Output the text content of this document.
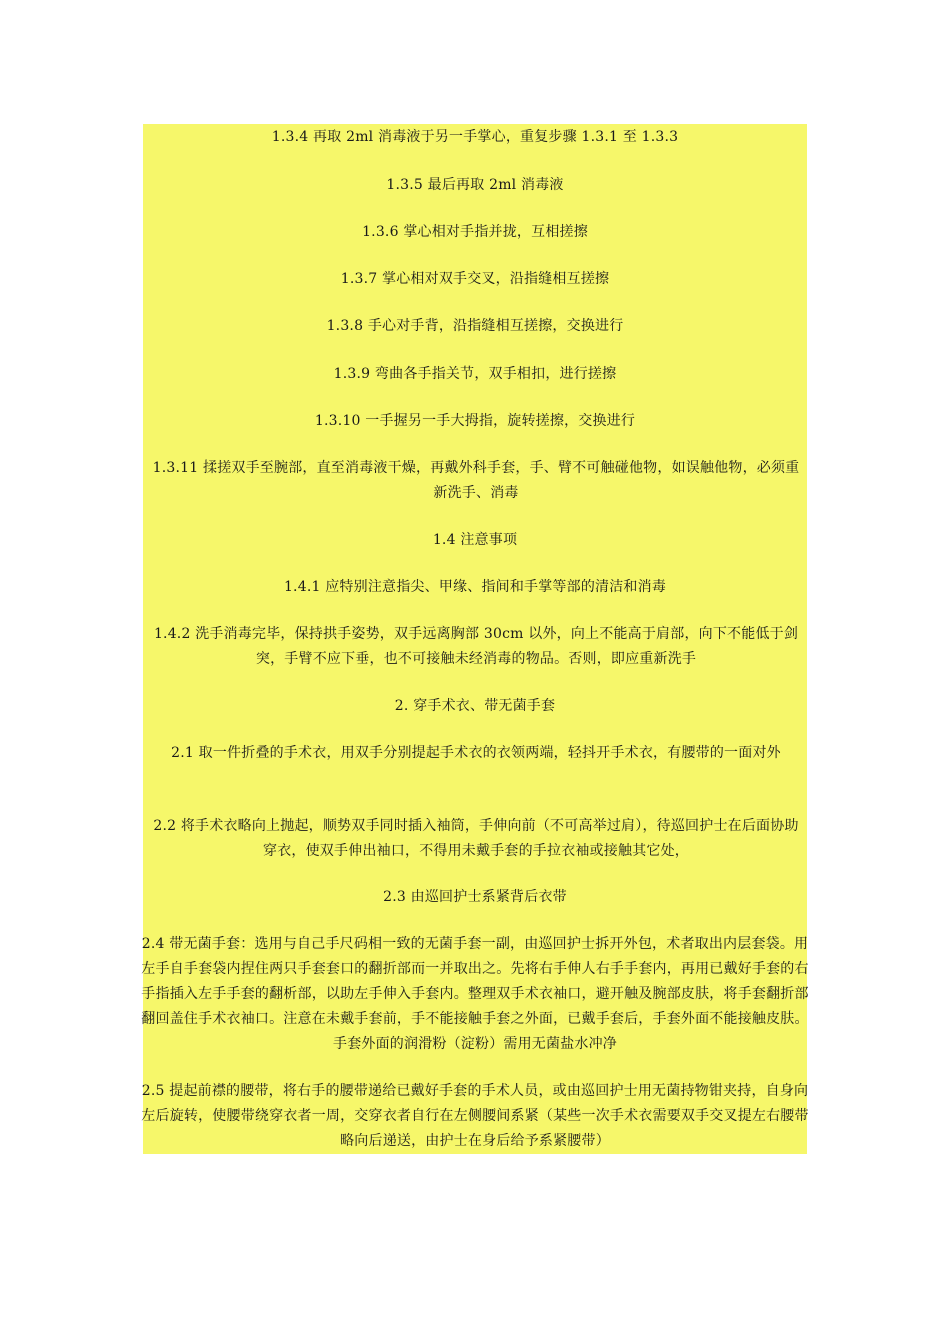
1.3.4 再取 2ml 消毒液于另一手掌心，重复步骤 1.3.1 至 1.3.3

1.3.5 最后再取 2ml 消毒液

1.3.6 掌心相对手指并拢，互相搓擦

1.3.7 掌心相对双手交叉，沿指缝相互搓擦

1.3.8 手心对手背，沿指缝相互搓擦，交换进行

1.3.9 弯曲各手指关节，双手相扣，进行搓擦

1.3.10 一手握另一手大拇指，旋转搓擦，交换进行

1.3.11 揉搓双手至腕部，直至消毒液干燥，再戴外科手套，手、臂不可触碰他物，如误触他物，必须重新洗手、消毒

1.4 注意事项

1.4.1 应特别注意指尖、甲缘、指间和手掌等部的清洁和消毒

1.4.2 洗手消毒完毕，保持拱手姿势，双手远离胸部 30cm 以外，向上不能高于肩部，向下不能低于剑突，手臂不应下垂，也不可接触未经消毒的物品。否则，即应重新洗手

2. 穿手术衣、带无菌手套

2.1 取一件折叠的手术衣，用双手分别提起手术衣的衣领两端，轻抖开手术衣，有腰带的一面对外

2.2 将手术衣略向上抛起，顺势双手同时插入袖筒，手伸向前（不可高举过肩），待巡回护士在后面协助穿衣，使双手伸出袖口，不得用未戴手套的手拉衣袖或接触其它处，

2.3 由巡回护士系紧背后衣带

2.4 带无菌手套：选用与自己手尺码相一致的无菌手套一副，由巡回护士拆开外包，术者取出内层套袋。用左手自手套袋内捏住两只手套套口的翻折部而一并取出之。先将右手伸人右手手套内，再用已戴好手套的右手指插入左手手套的翻析部，以助左手伸入手套内。整理双手术衣袖口，避开触及腕部皮肤，将手套翻折部翻回盖住手术衣袖口。注意在未戴手套前，手不能接触手套之外面，已戴手套后，手套外面不能接触皮肤。手套外面的润滑粉（淀粉）需用无菌盐水冲净

2.5 提起前襟的腰带，将右手的腰带递给已戴好手套的手术人员，或由巡回护士用无菌持物钳夹持，自身向左后旋转，使腰带绕穿衣者一周，交穿衣者自行在左侧腰间系紧（某些一次手术衣需要双手交叉提左右腰带略向后递送，由护士在身后给予系紧腰带）
